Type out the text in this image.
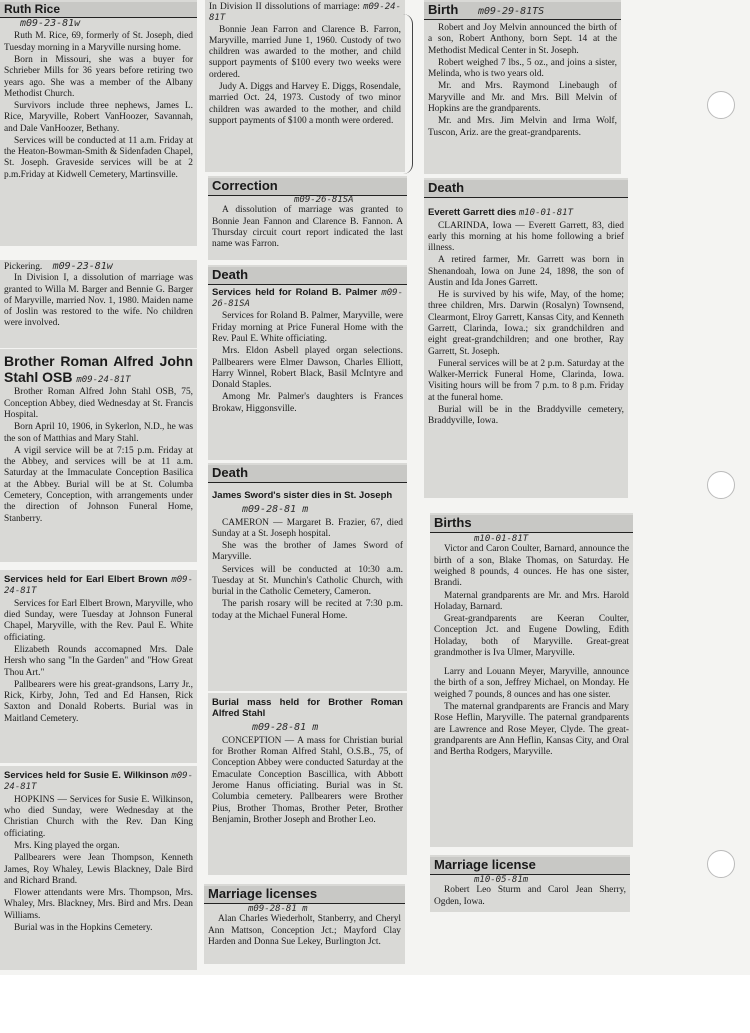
Ruth Rice
m09-23-81w

Ruth M. Rice, 69, formerly of St. Joseph, died Tuesday morning in a Maryville nursing home.

Born in Missouri, she was a buyer for Schrieber Mills for 36 years before retiring two years ago. She was a member of the Albany Methodist Church.

Survivors include three nephews, James L. Rice, Maryville, Robert VanHoozer, Savannah, and Dale VanHoozer, Bethany.

Services will be conducted at 11 a.m. Friday at the Heaton-Bowman-Smith & Sidenfaden Chapel, St. Joseph. Graveside services will be at 2 p.m.Friday at Kidwell Cemetery, Martinsville.

Pickering. m09-23-81w

In Division I, a dissolution of marriage was granted to Willa M. Barger and Bennie G. Barger of Maryville, married Nov. 1, 1980. Maiden name of Joslin was restored to the wife. No children were involved.

Brother Roman Alfred John Stahl OSB m09-24-81T

Brother Roman Alfred John Stahl OSB, 75, Conception Abbey, died Wednesday at St. Francis Hospital.

Born April 10, 1906, in Sykerlon, N.D., he was the son of Matthias and Mary Stahl.

A vigil service will be at 7:15 p.m. Friday at the Abbey, and services will be at 11 a.m. Saturday at the Immaculate Conception Basilica at the Abbey. Burial will be at St. Columba Cemetery, Conception, with arrangements under the direction of Johnson Funeral Home, Stanberry.

Services held for Earl Elbert Brown m09-24-81T

Services for Earl Elbert Brown, Maryville, who died Sunday, were Tuesday at Johnson Funeral Chapel, Maryville, with the Rev. Paul E. White officiating.

Elizabeth Rounds accomapned Mrs. Dale Hersh who sang "In the Garden" and "How Great Thou Art."

Pallbearers were his great-grandsons, Larry Jr., Rick, Kirby, John, Ted and Ed Hansen, Rick Saxton and Donald Roberts. Burial was in Maitland Cemetery.

Services held for Susie E. Wilkinson m09-24-81T

HOPKINS — Services for Susie E. Wilkinson, who died Sunday, were Wednesday at the Christian Church with the Rev. Dan King officiating.

Mrs. King played the organ.

Pallbearers were Jean Thompson, Kenneth James, Roy Whaley, Lewis Blackney, Dale Bird and Richard Brand.

Flower attendants were Mrs. Thompson, Mrs. Whaley, Mrs. Blackney, Mrs. Bird and Mrs. Dean Williams.

Burial was in the Hopkins Cemetery.

In Division II dissolutions of marriage: m09-24-81T

Bonnie Jean Farron and Clarence B. Farron, Maryville, married June 1, 1960. Custody of two children was awarded to the mother, and child support payments of $100 every two weeks were ordered.

Judy A. Diggs and Harvey E. Diggs, Rosendale, married Oct. 24, 1973. Custody of two minor children was awarded to the mother, and child support payments of $100 a month were ordered.

Correction
m09-26-81SA

A dissolution of marriage was granted to Bonnie Jean Fannon and Clarence B. Fannon. A Thursday circuit court report indicated the last name was Farron.

Death
Services held for Roland B. Palmer m09-26-81SA

Services for Roland B. Palmer, Maryville, were Friday morning at Price Funeral Home with the Rev. Paul E. White officiating.

Mrs. Eldon Asbell played organ selections. Pallbearers were Elmer Dawson, Charles Elliott, Harry Winnel, Robert Black, Basil McIntyre and Donald Staples.

Among Mr. Palmer's daughters is Frances Brokaw, Higgonsville.

Death
James Sword's sister dies in St. Joseph
m09-28-81 m

CAMERON — Margaret B. Frazier, 67, died Sunday at a St. Joseph hospital.

She was the brother of James Sword of Maryville.

Services will be conducted at 10:30 a.m. Tuesday at St. Munchin's Catholic Church, with burial in the Catholic Cemetery, Cameron.

The parish rosary will be recited at 7:30 p.m. today at the Michael Funeral Home.

Burial mass held for Brother Roman Alfred Stahl
m09-28-81 m

CONCEPTION — A mass for Christian burial for Brother Roman Alfred Stahl, O.S.B., 75, of Conception Abbey were conducted Saturday at the Emaculate Conception Bascillica, with Abbott Jerome Hanus officiating. Burial was in St. Columbia cemetery. Pallbearers were Brother Pius, Brother Thomas, Brother Peter, Brother Benjamin, Brother Joseph and Brother Leo.

Marriage licenses
m09-28-81 m

Alan Charles Wiederholt, Stanberry, and Cheryl Ann Mattson, Conception Jct.; Mayford Clay Harden and Donna Sue Lekey, Burlington Jct.

Birth m09-29-81TS

Robert and Joy Melvin announced the birth of a son, Robert Anthony, born Sept. 14 at the Methodist Medical Center in St. Joseph.

Robert weighed 7 lbs., 5 oz., and joins a sister, Melinda, who is two years old.

Mr. and Mrs. Raymond Linebaugh of Maryville and Mr. and Mrs. Bill Melvin of Hopkins are the grandparents.

Mr. and Mrs. Jim Melvin and Irma Wolf, Tuscon, Ariz. are the great-grandparents.

Death
Everett Garrett dies m10-01-81T

CLARINDA, Iowa — Everett Garrett, 83, died early this morning at his home following a brief illness.

A retired farmer, Mr. Garrett was born in Shenandoah, Iowa on June 24, 1898, the son of Austin and Ida Jones Garrett.

He is survived by his wife, May, of the home; three children, Mrs. Darwin (Rosalyn) Townsend, Clearmont, Elroy Garrett, Kansas City, and Kenneth Garrett, Clarinda, Iowa.; six grandchildren and eight great-grandchildren; and one brother, Ray Garrett, St. Joseph.

Funeral services will be at 2 p.m. Saturday at the Walker-Merrick Funeral Home, Clarinda, Iowa. Visiting hours will be from 7 p.m. to 8 p.m. Friday at the funeral home.

Burial will be in the Braddyville cemetery, Braddyville, Iowa.

Births
m10-01-81T

Victor and Caron Coulter, Barnard, announce the birth of a son, Blake Thomas, on Saturday. He weighed 8 pounds, 4 ounces. He has one sister, Brandi.

Maternal grandparents are Mr. and Mrs. Harold Holaday, Barnard.

Great-grandparents are Keeran Coulter, Conception Jct. and Eugene Dowling, Edith Holaday, both of Maryville. Great-great grandmother is Iva Ulmer, Maryville.

Larry and Louann Meyer, Maryville, announce the birth of a son, Jeffrey Michael, on Monday. He weighed 7 pounds, 8 ounces and has one sister.

The maternal grandparents are Francis and Mary Rose Heflin, Maryville. The paternal grandparents are Lawrence and Rose Meyer, Clyde. The great-grandparents are Ann Heflin, Kansas City, and Oral and Bertha Rodgers, Maryville.

Marriage license
m10-05-81m

Robert Leo Sturm and Carol Jean Sherry, Ogden, Iowa.
